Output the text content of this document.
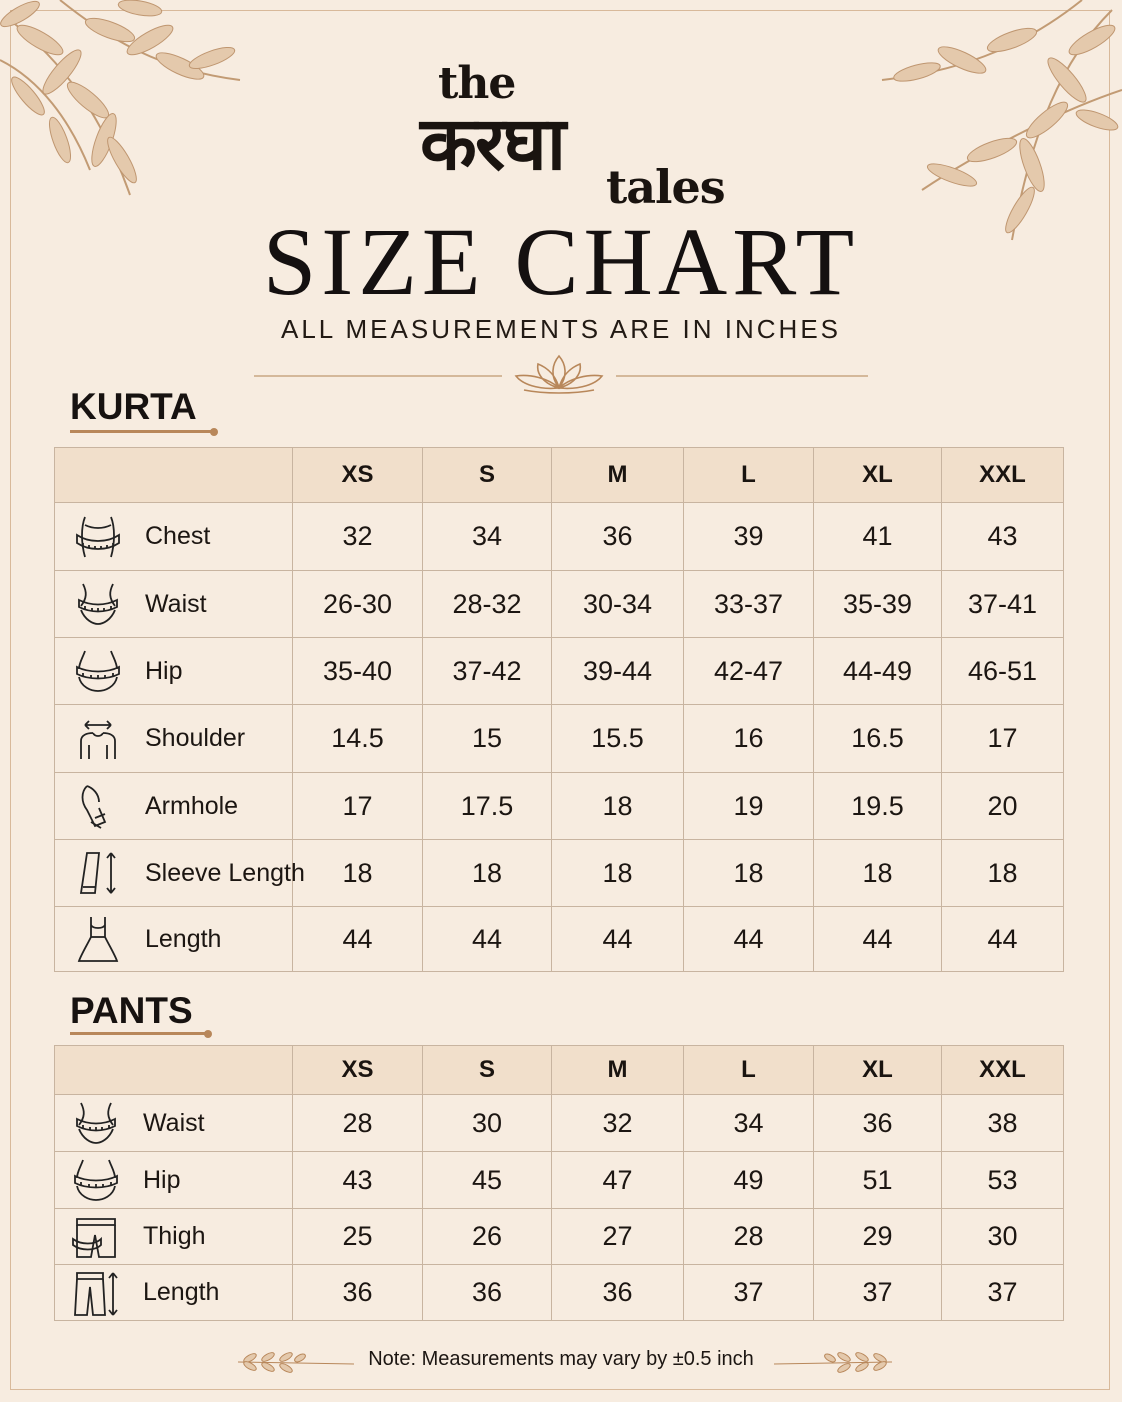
the
करघा tales
SIZE CHART
ALL MEASUREMENTS ARE IN INCHES
KURTA
	XS	S	M	L	XL	XXL

Chest	32	34	36	39	41	43

Waist	26-30	28-32	30-34	33-37	35-39	37-41

Hip	35-40	37-42	39-44	42-47	44-49	46-51

Shoulder	14.5	15	15.5	16	16.5	17

Armhole	17	17.5	18	19	19.5	20

Sleeve Length	18	18	18	18	18	18

Length	44	44	44	44	44	44
PANTS
	XS	S	M	L	XL	XXL

Waist	28	30	32	34	36	38

Hip	43	45	47	49	51	53

Thigh	25	26	27	28	29	30

Length	36	36	36	37	37	37
Note: Measurements may vary by ±0.5 inch
